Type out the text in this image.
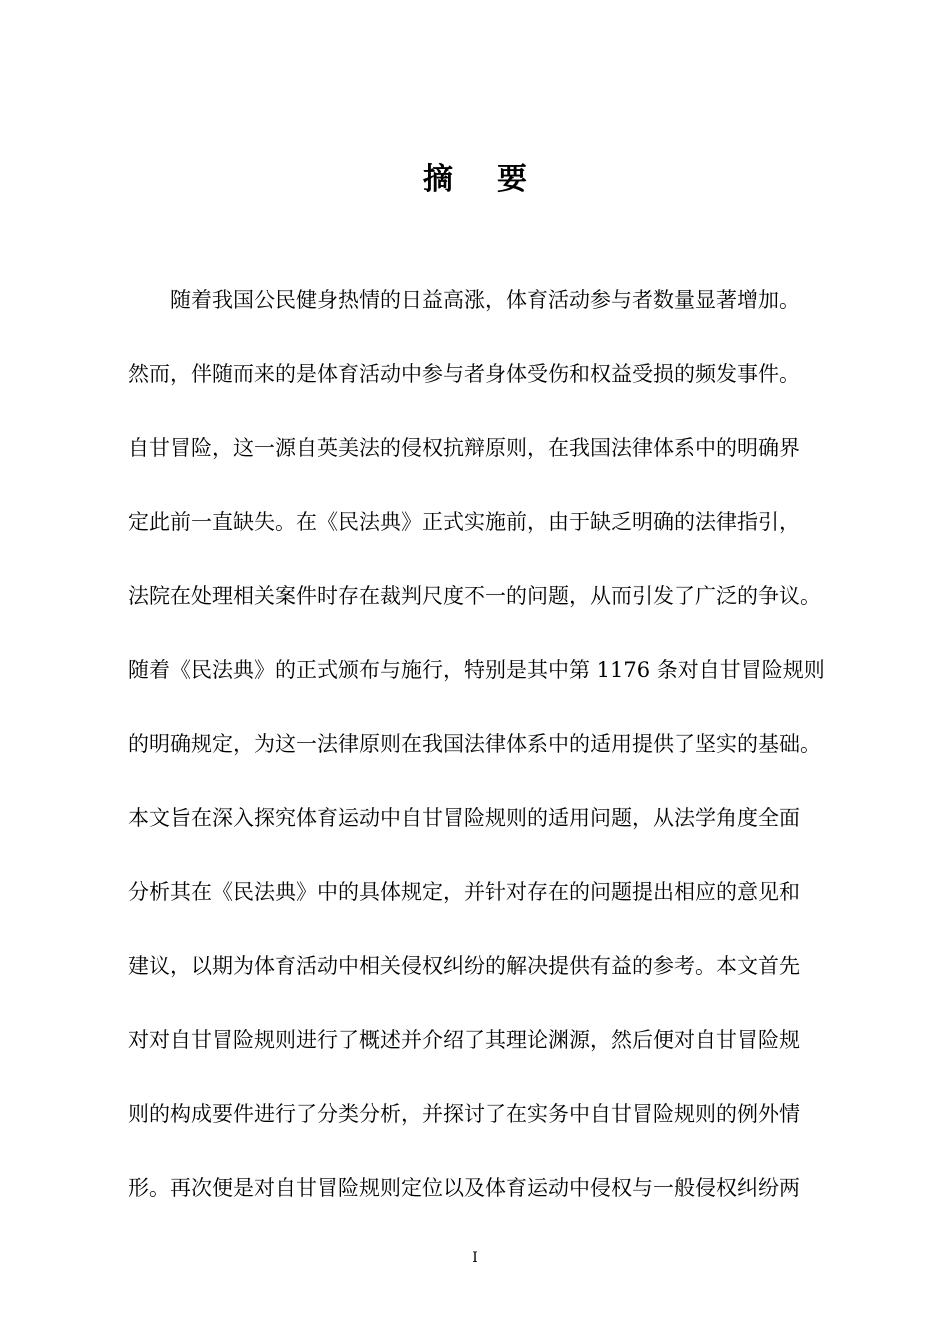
摘 要
随着我国公民健身热情的日益高涨，体育活动参与者数量显著增加。
然而，伴随而来的是体育活动中参与者身体受伤和权益受损的频发事件。
自甘冒险，这一源自英美法的侵权抗辩原则，在我国法律体系中的明确界
定此前一直缺失。在《民法典》正式实施前，由于缺乏明确的法律指引，
法院在处理相关案件时存在裁判尺度不一的问题，从而引发了广泛的争议。
随着《民法典》的正式颁布与施行，特别是其中第 1176 条对自甘冒险规则
的明确规定，为这一法律原则在我国法律体系中的适用提供了坚实的基础。
本文旨在深入探究体育运动中自甘冒险规则的适用问题，从法学角度全面
分析其在《民法典》中的具体规定，并针对存在的问题提出相应的意见和
建议，以期为体育活动中相关侵权纠纷的解决提供有益的参考。本文首先
对对自甘冒险规则进行了概述并介绍了其理论渊源，然后便对自甘冒险规
则的构成要件进行了分类分析，并探讨了在实务中自甘冒险规则的例外情
形。再次便是对自甘冒险规则定位以及体育运动中侵权与一般侵权纠纷两
I
